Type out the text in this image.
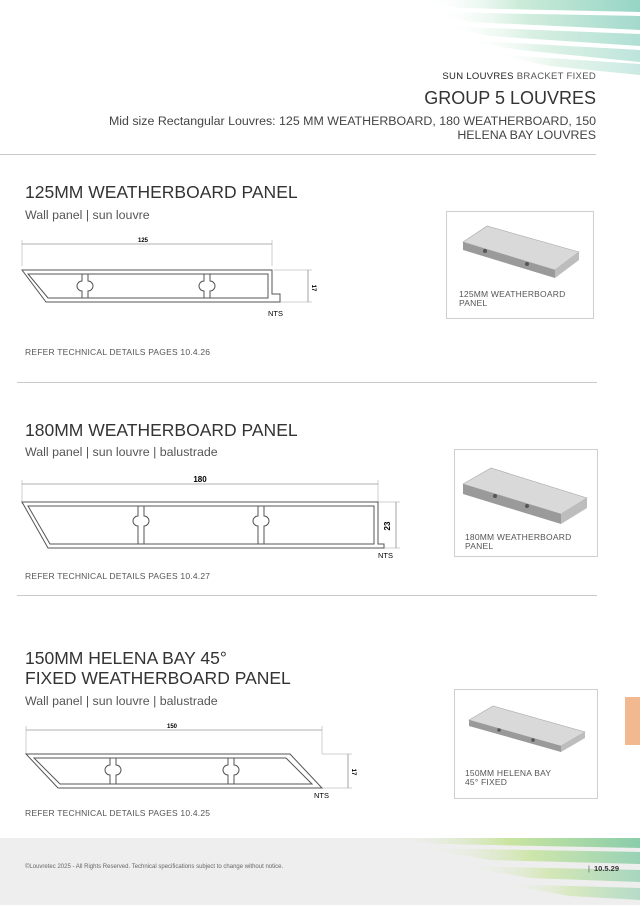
SUN LOUVRES BRACKET FIXED
GROUP 5 LOUVRES
Mid size Rectangular Louvres: 125 MM WEATHERBOARD, 180 WEATHERBOARD, 150 HELENA BAY LOUVRES
125MM WEATHERBOARD PANEL
Wall panel | sun louvre
125
17
NTS
REFER TECHNICAL DETAILS PAGES 10.4.26
125MM WEATHERBOARD
PANEL
180MM WEATHERBOARD PANEL
Wall panel | sun louvre | balustrade
180
23
NTS
REFER TECHNICAL DETAILS PAGES 10.4.27
180MM WEATHERBOARD
PANEL
150MM HELENA BAY 45°
FIXED WEATHERBOARD PANEL
Wall panel | sun louvre | balustrade
150
17
NTS
REFER TECHNICAL DETAILS PAGES 10.4.25
150MM HELENA BAY
45° FIXED
©Louvretec 2025 - All Rights Reserved. Technical specifications subject to change without notice.	| 10.5.29
